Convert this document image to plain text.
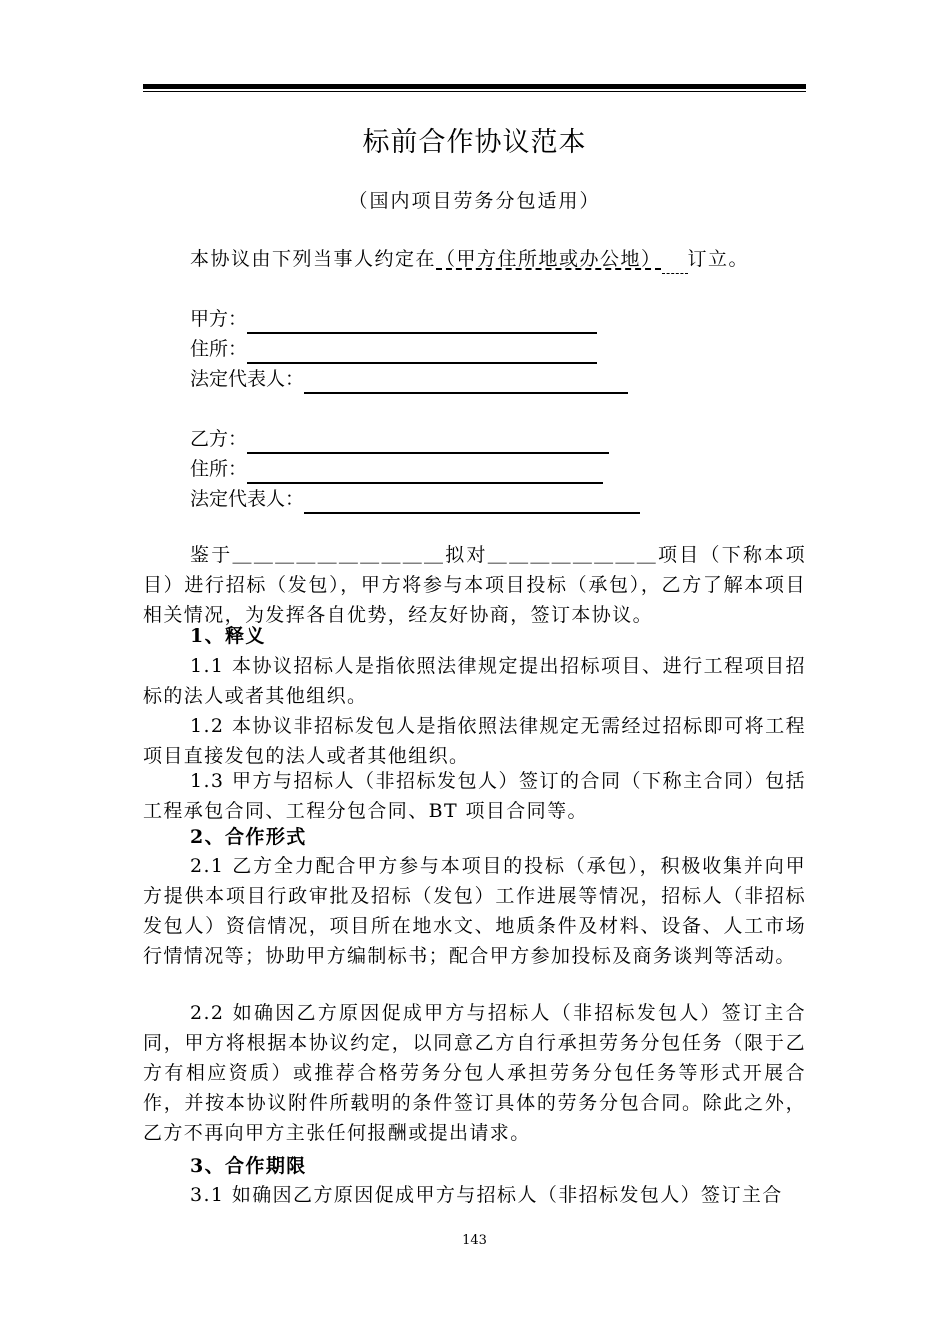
标前合作协议范本
（国内项目劳务分包适用）
本协议由下列当事人约定在（甲方住所地或办公地） 订立。
甲方：
住所：
法定代表人：
乙方：
住所：
法定代表人：
鉴于＿＿＿＿＿＿＿＿＿＿拟对＿＿＿＿＿＿＿＿项目（下称本项目）进行招标（发包），甲方将参与本项目投标（承包），乙方了解本项目相关情况，为发挥各自优势，经友好协商，签订本协议。
1、释义
1.1 本协议招标人是指依照法律规定提出招标项目、进行工程项目招标的法人或者其他组织。
1.2 本协议非招标发包人是指依照法律规定无需经过招标即可将工程项目直接发包的法人或者其他组织。
1.3 甲方与招标人（非招标发包人）签订的合同（下称主合同）包括工程承包合同、工程分包合同、BT 项目合同等。
2、合作形式
2.1 乙方全力配合甲方参与本项目的投标（承包），积极收集并向甲方提供本项目行政审批及招标（发包）工作进展等情况，招标人（非招标发包人）资信情况，项目所在地水文、地质条件及材料、设备、人工市场行情情况等；协助甲方编制标书；配合甲方参加投标及商务谈判等活动。
2.2 如确因乙方原因促成甲方与招标人（非招标发包人）签订主合同，甲方将根据本协议约定，以同意乙方自行承担劳务分包任务（限于乙方有相应资质）或推荐合格劳务分包人承担劳务分包任务等形式开展合作，并按本协议附件所载明的条件签订具体的劳务分包合同。除此之外，乙方不再向甲方主张任何报酬或提出请求。
3、合作期限
3.1 如确因乙方原因促成甲方与招标人（非招标发包人）签订主合
143
